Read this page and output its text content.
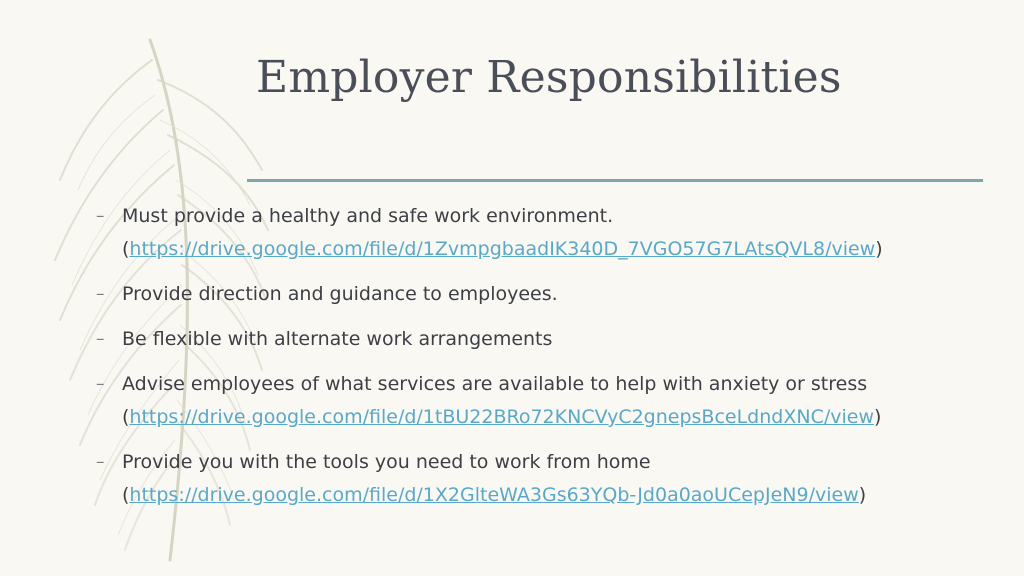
Employer Responsibilities
– Must provide a healthy and safe work environment.
(https://drive.google.com/file/d/1ZvmpgbaadIK340D_7VGO57G7LAtsQVL8/view)
– Provide direction and guidance to employees.
– Be flexible with alternate work arrangements
– Advise employees of what services are available to help with anxiety or stress
(https://drive.google.com/file/d/1tBU22BRo72KNCVyC2gnepsBceLdndXNC/view)
– Provide you with the tools you need to work from home
(https://drive.google.com/file/d/1X2GlteWA3Gs63YQb-Jd0a0aoUCepJeN9/view)
